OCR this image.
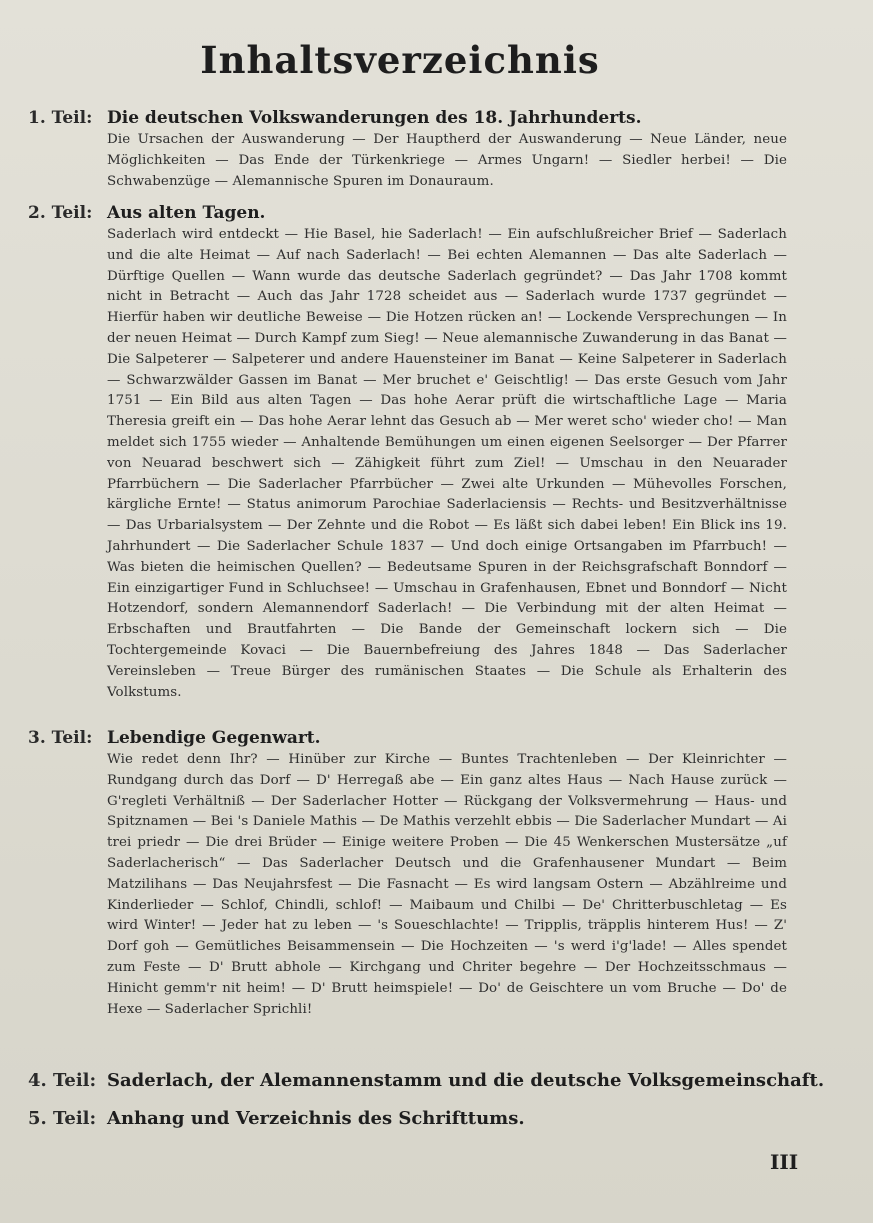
Inhaltsverzeichnis
1. Teil: Die deutschen Volkswanderungen des 18. Jahrhunderts.
Die Ursachen der Auswanderung — Der Hauptherd der Auswanderung — Neue Länder, neue Möglichkeiten — Das Ende der Türkenkriege — Armes Ungarn! — Siedler herbei! — Die Schwabenzüge — Alemannische Spuren im Donauraum.
2. Teil: Aus alten Tagen.
Saderlach wird entdeckt — Hie Basel, hie Saderlach! — Ein aufschlußreicher Brief — Saderlach und die alte Heimat — Auf nach Saderlach! — Bei echten Alemannen — Das alte Saderlach — Dürftige Quellen — Wann wurde das deutsche Saderlach gegründet? — Das Jahr 1708 kommt nicht in Betracht — Auch das Jahr 1728 scheidet aus — Saderlach wurde 1737 gegründet — Hierfür haben wir deutliche Beweise — Die Hotzen rücken an! — Lockende Versprechungen — In der neuen Heimat — Durch Kampf zum Sieg! — Neue alemannische Zuwanderung in das Banat — Die Salpeterer — Salpeterer und andere Hauensteiner im Banat — Keine Salpeterer in Saderlach — Schwarzwälder Gassen im Banat — Mer bruchet e' Geischtlig! — Das erste Gesuch vom Jahr 1751 — Ein Bild aus alten Tagen — Das hohe Aerar prüft die wirtschaftliche Lage — Maria Theresia greift ein — Das hohe Aerar lehnt das Gesuch ab — Mer weret scho' wieder cho! — Man meldet sich 1755 wieder — Anhaltende Bemühungen um einen eigenen Seelsorger — Der Pfarrer von Neuarad beschwert sich — Zähigkeit führt zum Ziel! — Umschau in den Neuarader Pfarrbüchern — Die Saderlacher Pfarrbücher — Zwei alte Urkunden — Mühevolles Forschen, kärgliche Ernte! — Status animorum Parochiae Saderlaciensis — Rechts- und Besitzverhältnisse — Das Urbarialsystem — Der Zehnte und die Robot — Es läßt sich dabei leben! Ein Blick ins 19. Jahrhundert — Die Saderlacher Schule 1837 — Und doch einige Ortsangaben im Pfarrbuch! — Was bieten die heimischen Quellen? — Bedeutsame Spuren in der Reichsgrafschaft Bonndorf — Ein einzigartiger Fund in Schluchsee! — Umschau in Grafenhausen, Ebnet und Bonndorf — Nicht Hotzendorf, sondern Alemannendorf Saderlach! — Die Verbindung mit der alten Heimat — Erbschaften und Brautfahrten — Die Bande der Gemeinschaft lockern sich — Die Tochtergemeinde Kovaci — Die Bauernbefreiung des Jahres 1848 — Das Saderlacher Vereinsleben — Treue Bürger des rumänischen Staates — Die Schule als Erhalterin des Volkstums.
3. Teil: Lebendige Gegenwart.
Wie redet denn Ihr? — Hinüber zur Kirche — Buntes Trachtenleben — Der Kleinrichter — Rundgang durch das Dorf — D' Herregaß abe — Ein ganz altes Haus — Nach Hause zurück — G'regleti Verhältniß — Der Saderlacher Hotter — Rückgang der Volksvermehrung — Haus- und Spitznamen — Bei 's Daniele Mathis — De Mathis verzehlt ebbis — Die Saderlacher Mundart — Ai trei priedr — Die drei Brüder — Einige weitere Proben — Die 45 Wenkerschen Mustersätze „uf Saderlacherisch“ — Das Saderlacher Deutsch und die Grafenhausener Mundart — Beim Matzilihans — Das Neujahrsfest — Die Fasnacht — Es wird langsam Ostern — Abzählreime und Kinderlieder — Schlof, Chindli, schlof! — Maibaum und Chilbi — De' Chritterbuschletag — Es wird Winter! — Jeder hat zu leben — 's Soueschlachte! — Tripplis, träpplis hinterem Hus! — Z' Dorf goh — Gemütliches Beisammensein — Die Hochzeiten — 's werd i'g'lade! — Alles spendet zum Feste — D' Brutt abhole — Kirchgang und Chriter begehre — Der Hochzeitsschmaus — Hinicht gemm'r nit heim! — D' Brutt heimspiele! — Do' de Geischtere un vom Bruche — Do' de Hexe — Saderlacher Sprichli!
4. Teil: Saderlach, der Alemannenstamm und die deutsche Volksgemeinschaft.
5. Teil: Anhang und Verzeichnis des Schrifttums.
III
